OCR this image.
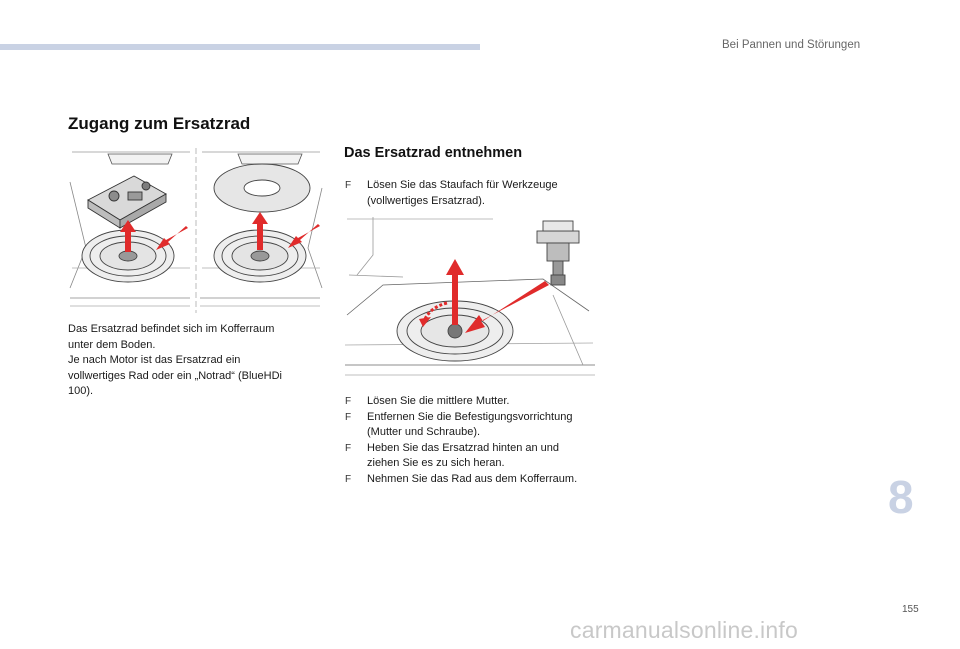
Bei Pannen und Störungen
Zugang zum Ersatzrad
Das Ersatzrad befindet sich im Kofferraum
unter dem Boden.
Je nach Motor ist das Ersatzrad ein
vollwertiges Rad oder ein „Notrad“ (BlueHDi
100).
Das Ersatzrad entnehmen
F Lösen Sie das Staufach für Werkzeuge
(vollwertiges Ersatzrad).
F Lösen Sie die mittlere Mutter.
F Entfernen Sie die Befestigungsvorrichtung
(Mutter und Schraube).
F Heben Sie das Ersatzrad hinten an und
ziehen Sie es zu sich heran.
F Nehmen Sie das Rad aus dem Kofferraum.	8
155
carmanualsonline.info
